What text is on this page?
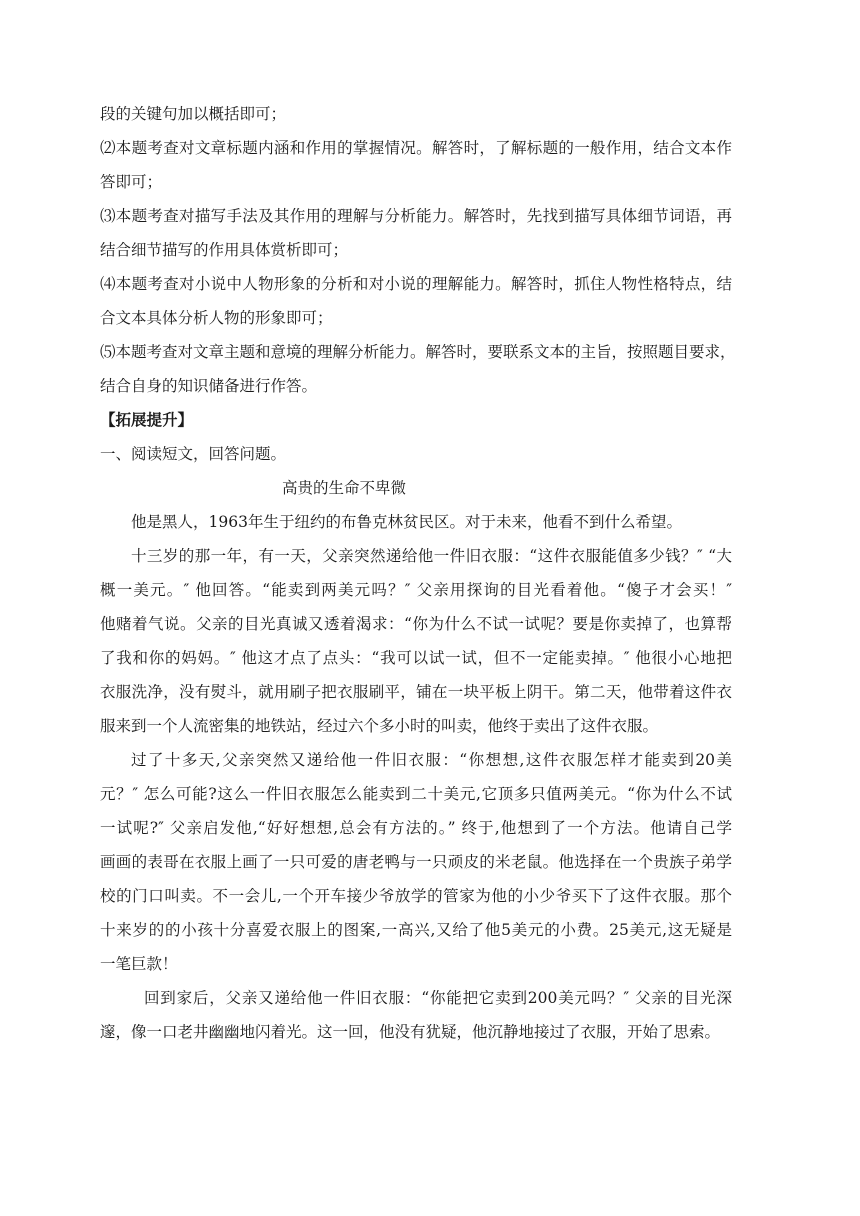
段的关键句加以概括即可；

⑵本题考查对文章标题内涵和作用的掌握情况。解答时，了解标题的一般作用，结合文本作

答即可；

⑶本题考查对描写手法及其作用的理解与分析能力。解答时，先找到描写具体细节词语，再

结合细节描写的作用具体赏析即可；

⑷本题考查对小说中人物形象的分析和对小说的理解能力。解答时，抓住人物性格特点，结

合文本具体分析人物的形象即可；

⑸本题考查对文章主题和意境的理解分析能力。解答时，要联系文本的主旨，按照题目要求，

结合自身的知识储备进行作答。

【拓展提升】

一、阅读短文，回答问题。

高贵的生命不卑微

他是黑人，1963年生于纽约的布鲁克林贫民区。对于未来，他看不到什么希望。
十三岁的那一年，有一天，父亲突然递给他一件旧衣服：“这件衣服能值多少钱？″ “大
概一美元。″ 他回答。“能卖到两美元吗？″ 父亲用探询的目光看着他。“傻子才会买！″
他赌着气说。父亲的目光真诚又透着渴求：“你为什么不试一试呢？要是你卖掉了，也算帮
了我和你的妈妈。″ 他这才点了点头：“我可以试一试，但不一定能卖掉。″ 他很小心地把
衣服洗净，没有熨斗，就用刷子把衣服刷平，铺在一块平板上阴干。第二天，他带着这件衣
服来到一个人流密集的地铁站，经过六个多小时的叫卖，他终于卖出了这件衣服。
过了十多天,父亲突然又递给他一件旧衣服：“你想想,这件衣服怎样才能卖到20美
元？″ 怎么可能?这么一件旧衣服怎么能卖到二十美元,它顶多只值两美元。“你为什么不试
一试呢?″ 父亲启发他,“好好想想,总会有方法的。” 终于,他想到了一个方法。他请自己学
画画的表哥在衣服上画了一只可爱的唐老鸭与一只顽皮的米老鼠。他选择在一个贵族子弟学
校的门口叫卖。不一会儿,一个开车接少爷放学的管家为他的小少爷买下了这件衣服。那个
十来岁的的小孩十分喜爱衣服上的图案,一高兴,又给了他5美元的小费。25美元,这无疑是
一笔巨款！
回到家后，父亲又递给他一件旧衣服：“你能把它卖到200美元吗？″ 父亲的目光深
邃，像一口老井幽幽地闪着光。这一回，他没有犹疑，他沉静地接过了衣服，开始了思索。
